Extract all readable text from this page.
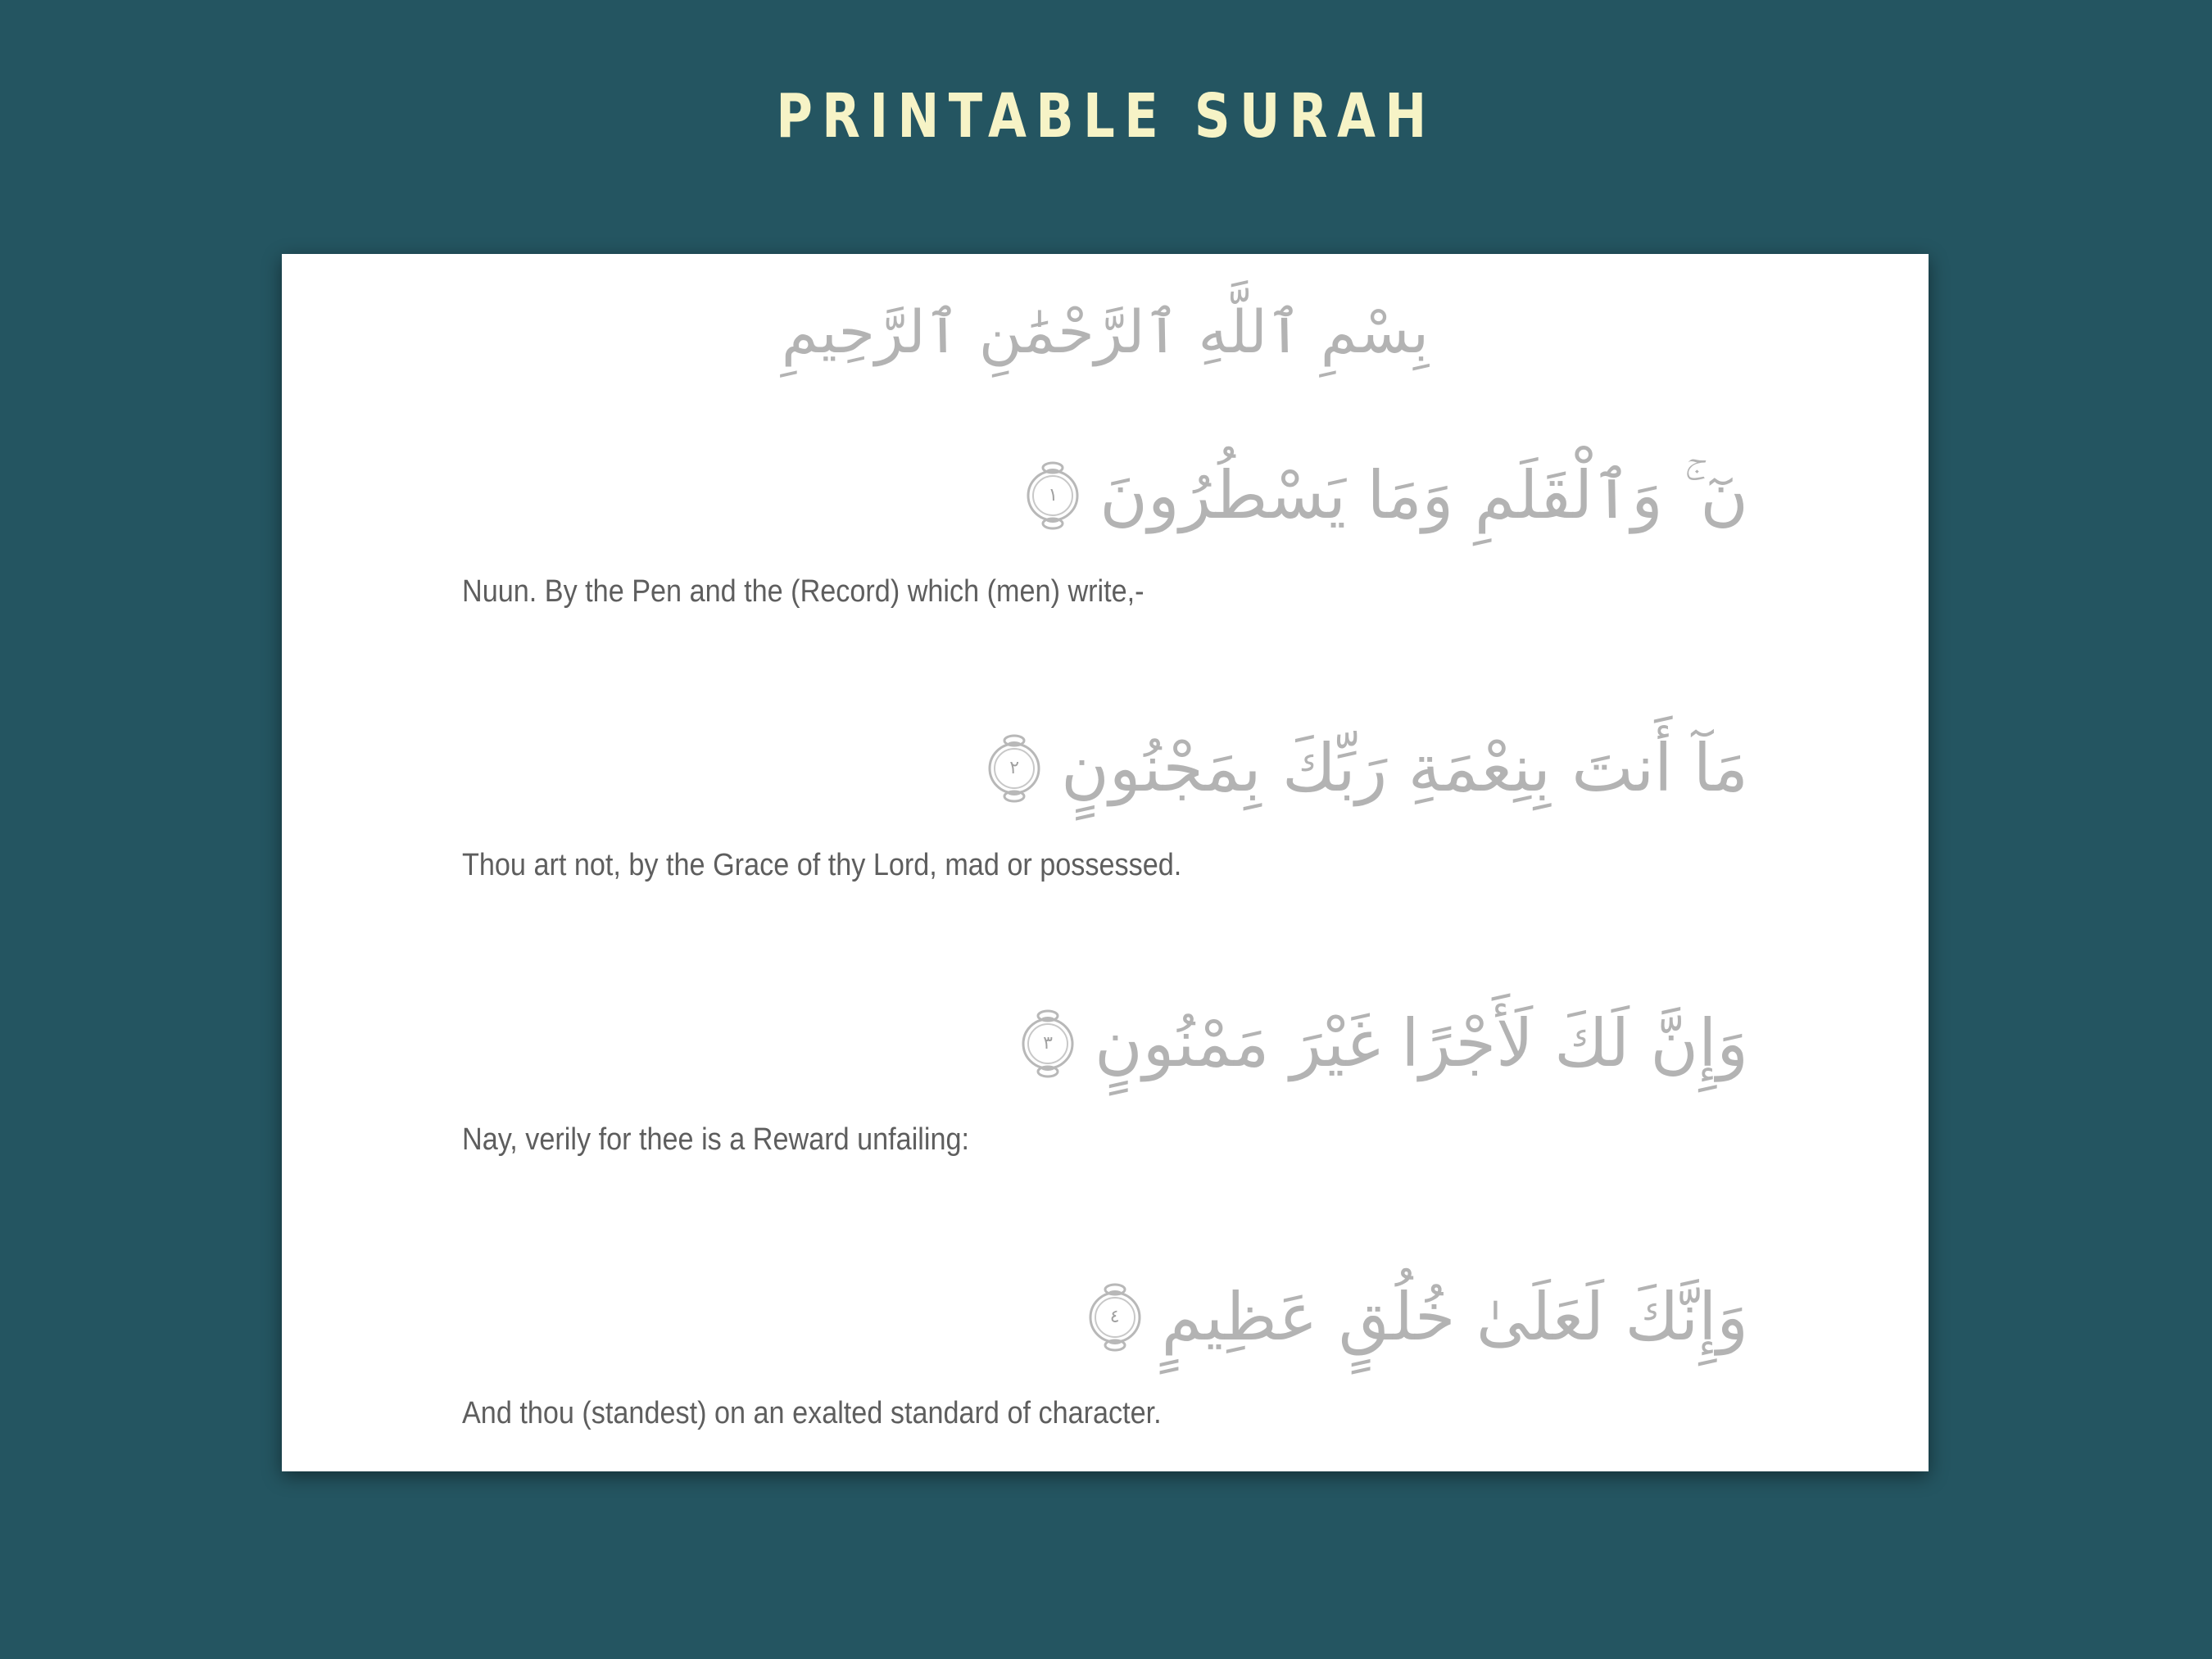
PRINTABLE SURAH
بِسْمِ ٱللَّهِ ٱلرَّحْمَٰنِ ٱلرَّحِيمِ
١ نٓ ۚ وَٱلْقَلَمِ وَمَا يَسْطُرُونَ
Nuun. By the Pen and the (Record) which (men) write,-
٢ مَآ أَنتَ بِنِعْمَةِ رَبِّكَ بِمَجْنُونٍ
Thou art not, by the Grace of thy Lord, mad or possessed.
٣ وَإِنَّ لَكَ لَأَجْرًا غَيْرَ مَمْنُونٍ
Nay, verily for thee is a Reward unfailing:
٤ وَإِنَّكَ لَعَلَىٰ خُلُقٍ عَظِيمٍ
And thou (standest) on an exalted standard of character.
